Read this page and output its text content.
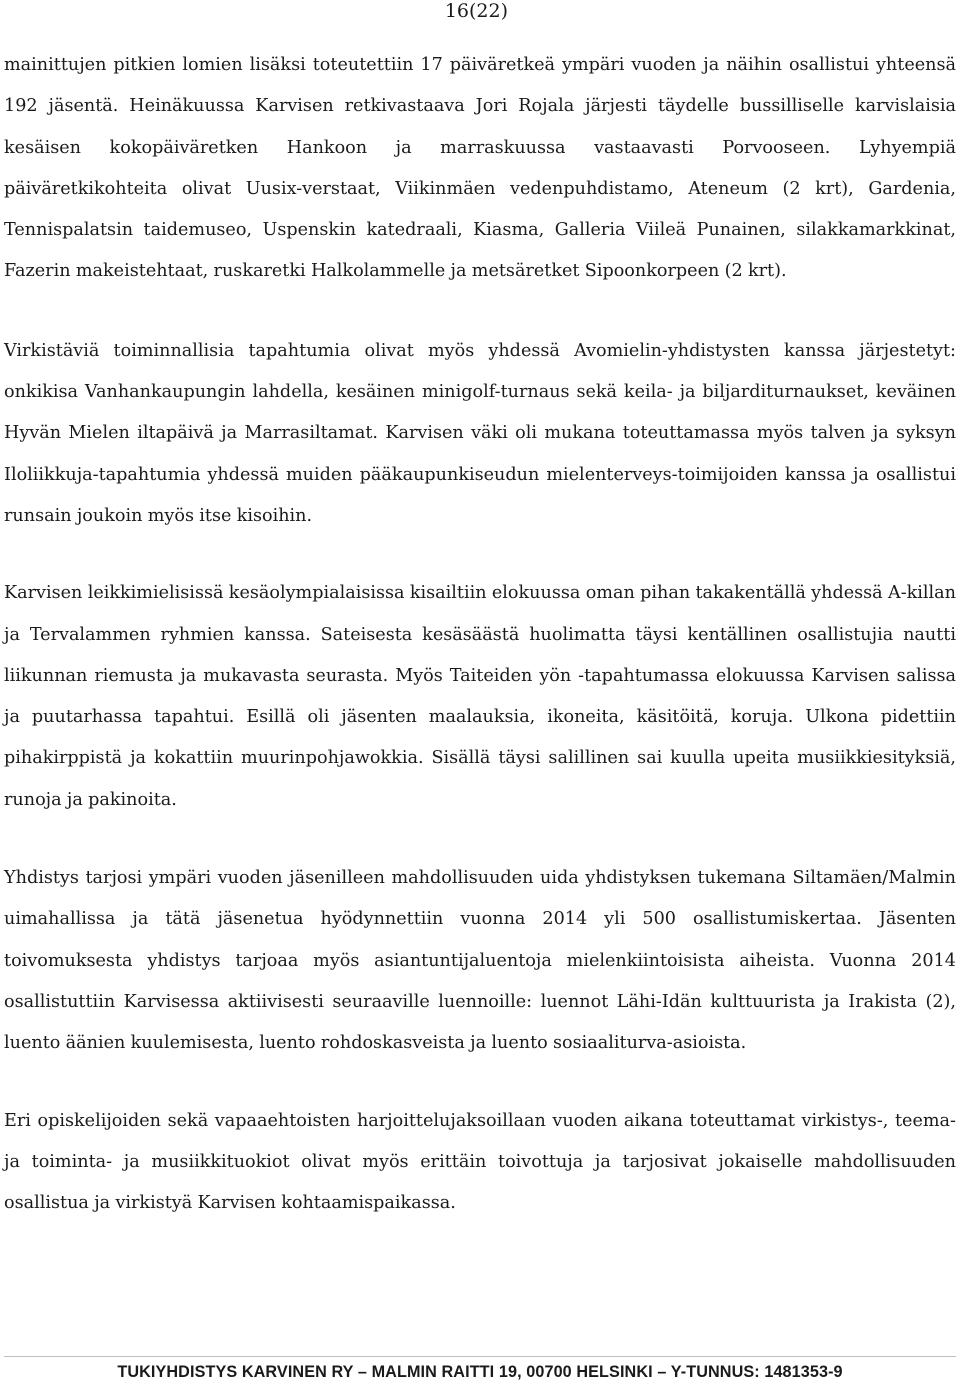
16(22)

mainittujen pitkien lomien lisäksi toteutettiin 17 päiväretkeä ympäri vuoden ja näihin osallistui yhteensä 192 jäsentä. Heinäkuussa Karvisen retkivastaava Jori Rojala järjesti täydelle bussilliselle karvislaisia kesäisen kokopäiväretken Hankoon ja marraskuussa vastaavasti Porvooseen. Lyhyempiä päiväretkikohteita olivat Uusix-verstaat, Viikinmäen vedenpuhdistamo, Ateneum (2 krt), Gardenia, Tennispalatsin taidemuseo, Uspenskin katedraali, Kiasma, Galleria Viileä Punainen, silakkamarkkinat, Fazerin makeistehtaat, ruskaretki Halkolammelle ja metsäretket Sipoonkorpeen (2 krt).

Virkistäviä toiminnallisia tapahtumia olivat myös yhdessä Avomielin-yhdistysten kanssa järjestetyt: onkikisa Vanhankaupungin lahdella, kesäinen minigolf-turnaus sekä keila- ja biljarditurnaukset, keväinen Hyvän Mielen iltapäivä ja Marrasiltamat. Karvisen väki oli mukana toteuttamassa myös talven ja syksyn Iloliikkuja-tapahtumia yhdessä muiden pääkaupunkiseudun mielenterveys-toimijoiden kanssa ja osallistui runsain joukoin myös itse kisoihin.

Karvisen leikkimielisissä kesäolympialaisissa kisailtiin elokuussa oman pihan takakentällä yhdessä A-killan ja Tervalammen ryhmien kanssa. Sateisesta kesäsäästä huolimatta täysi kentällinen osallistujia nautti liikunnan riemusta ja mukavasta seurasta. Myös Taiteiden yön -tapahtumassa elokuussa Karvisen salissa ja puutarhassa tapahtui. Esillä oli jäsenten maalauksia, ikoneita, käsitöitä, koruja. Ulkona pidettiin pihakirppistä ja kokattiin muurinpohjawokkia. Sisällä täysi salillinen sai kuulla upeita musiikkiesityksiä, runoja ja pakinoita.

Yhdistys tarjosi ympäri vuoden jäsenilleen mahdollisuuden uida yhdistyksen tukemana Siltamäen/Malmin uimahallissa ja tätä jäsenetua hyödynnettiin vuonna 2014 yli 500 osallistumiskertaa. Jäsenten toivomuksesta yhdistys tarjoaa myös asiantuntijaluentoja mielenkiintoisista aiheista. Vuonna 2014 osallistuttiin Karvisessa aktiivisesti seuraaville luennoille: luennot Lähi-Idän kulttuurista ja Irakista (2), luento äänien kuulemisesta, luento rohdoskasveista ja luento sosiaaliturva-asioista.

Eri opiskelijoiden sekä vapaaehtoisten harjoittelujaksoillaan vuoden aikana toteuttamat virkistys-, teema- ja toiminta- ja musiikkituokiot olivat myös erittäin toivottuja ja tarjosivat jokaiselle mahdollisuuden osallistua ja virkistyä Karvisen kohtaamispaikassa.

TUKIYHDISTYS KARVINEN RY – MALMIN RAITTI 19, 00700 HELSINKI – Y-TUNNUS: 1481353-9
